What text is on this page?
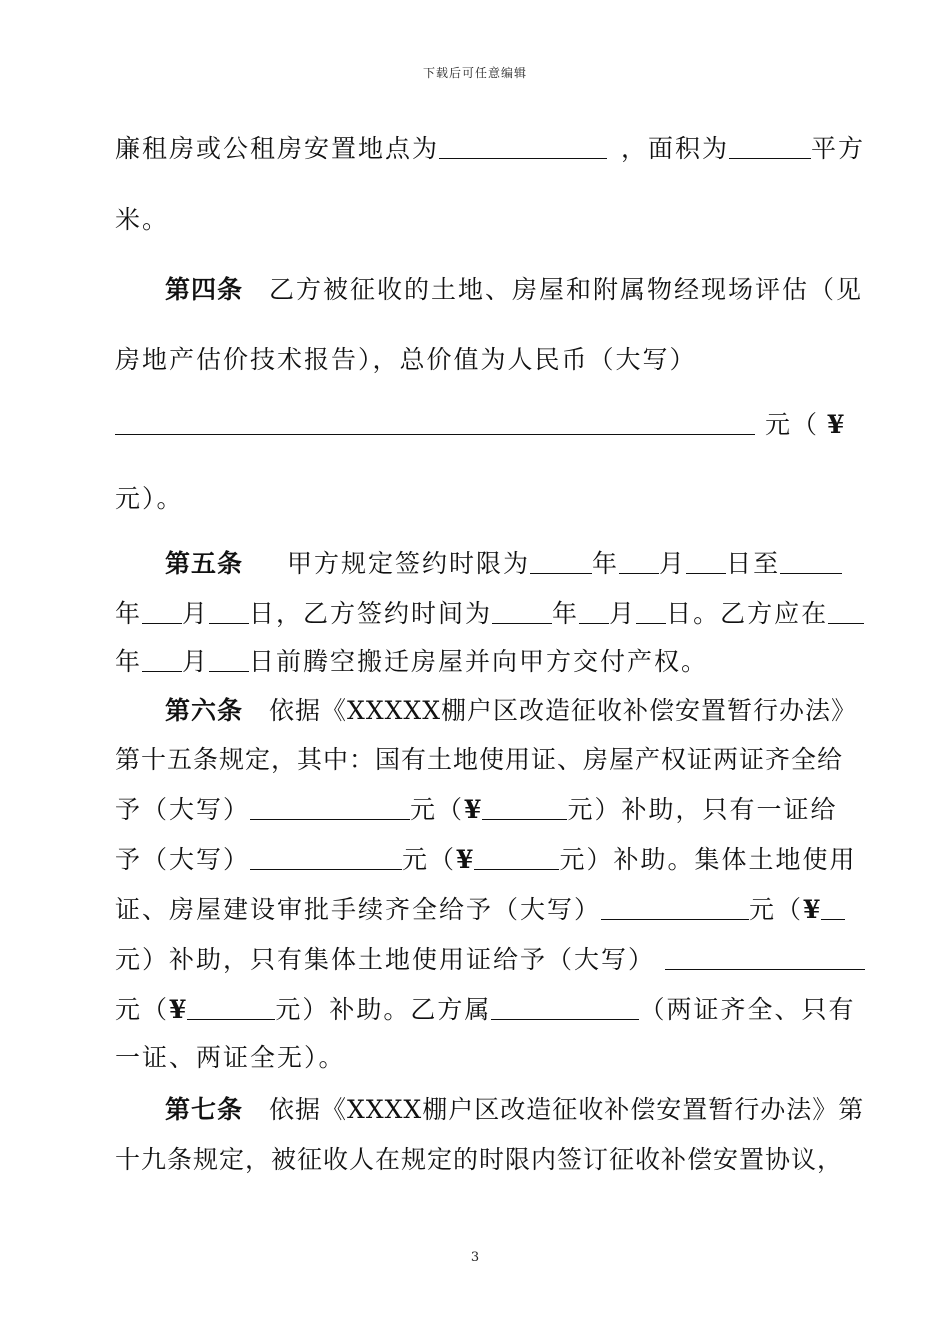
下载后可任意编辑
廉租房或公租房安置地点为	，面积为	平方
米。
第四条 乙方被征收的土地、房屋和附属物经现场评估（见
房地产估价技术报告），总价值为人民币（大写）
元（ ¥
元）。
第五条 甲方规定签约时限为 年 月 日至
年 月 日，乙方签约时间为 年 月 日。乙方应在
年 月 日前腾空搬迁房屋并向甲方交付产权。
第六条 依据《XXXXX棚户区改造征收补偿安置暂行办法》
第十五条规定，其中：国有土地使用证、房屋产权证两证齐全给
予（大写）	元（¥	元）补助，只有一证给
予（大写）	元（¥	元）补助。集体土地使用
证、房屋建设审批手续齐全给予（大写）	元（¥
元）补助，只有集体土地使用证给予（大写）
元（¥	元）补助。乙方属	（两证齐全、只有
一证、两证全无）。
第七条 依据《XXXX棚户区改造征收补偿安置暂行办法》第
十九条规定，被征收人在规定的时限内签订征收补偿安置协议，
3
